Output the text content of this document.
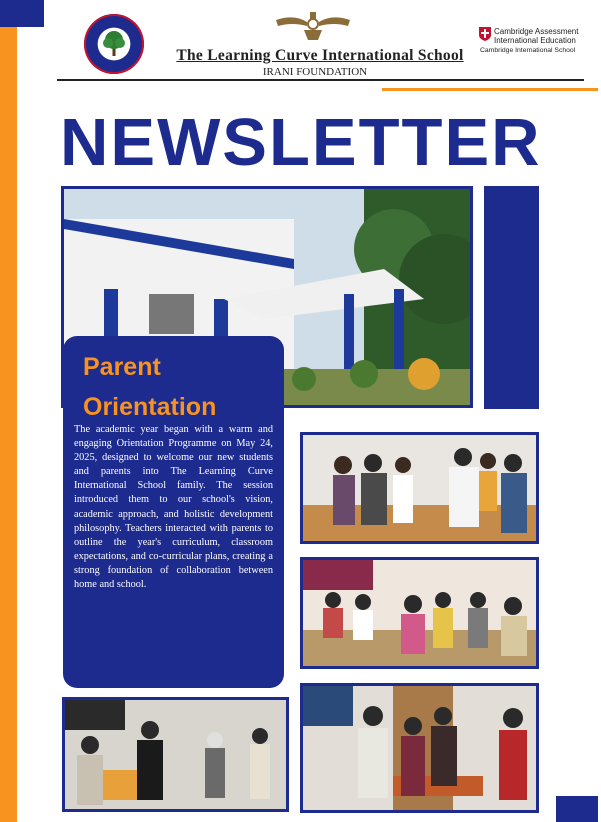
The Learning Curve International School
IRANI FOUNDATION
Cambridge Assessment
International Education
Cambridge International School
NEWSLETTER
Parent
Orientation
The academic year began with a warm and engaging Orientation Programme on May 24, 2025, designed to welcome our new students and parents into The Learning Curve International School family. The session introduced them to our school's vision, academic approach, and holistic development philosophy. Teachers interacted with parents to outline the year's curriculum, classroom expectations, and co-curricular plans, creating a strong foundation of collaboration between home and school.
